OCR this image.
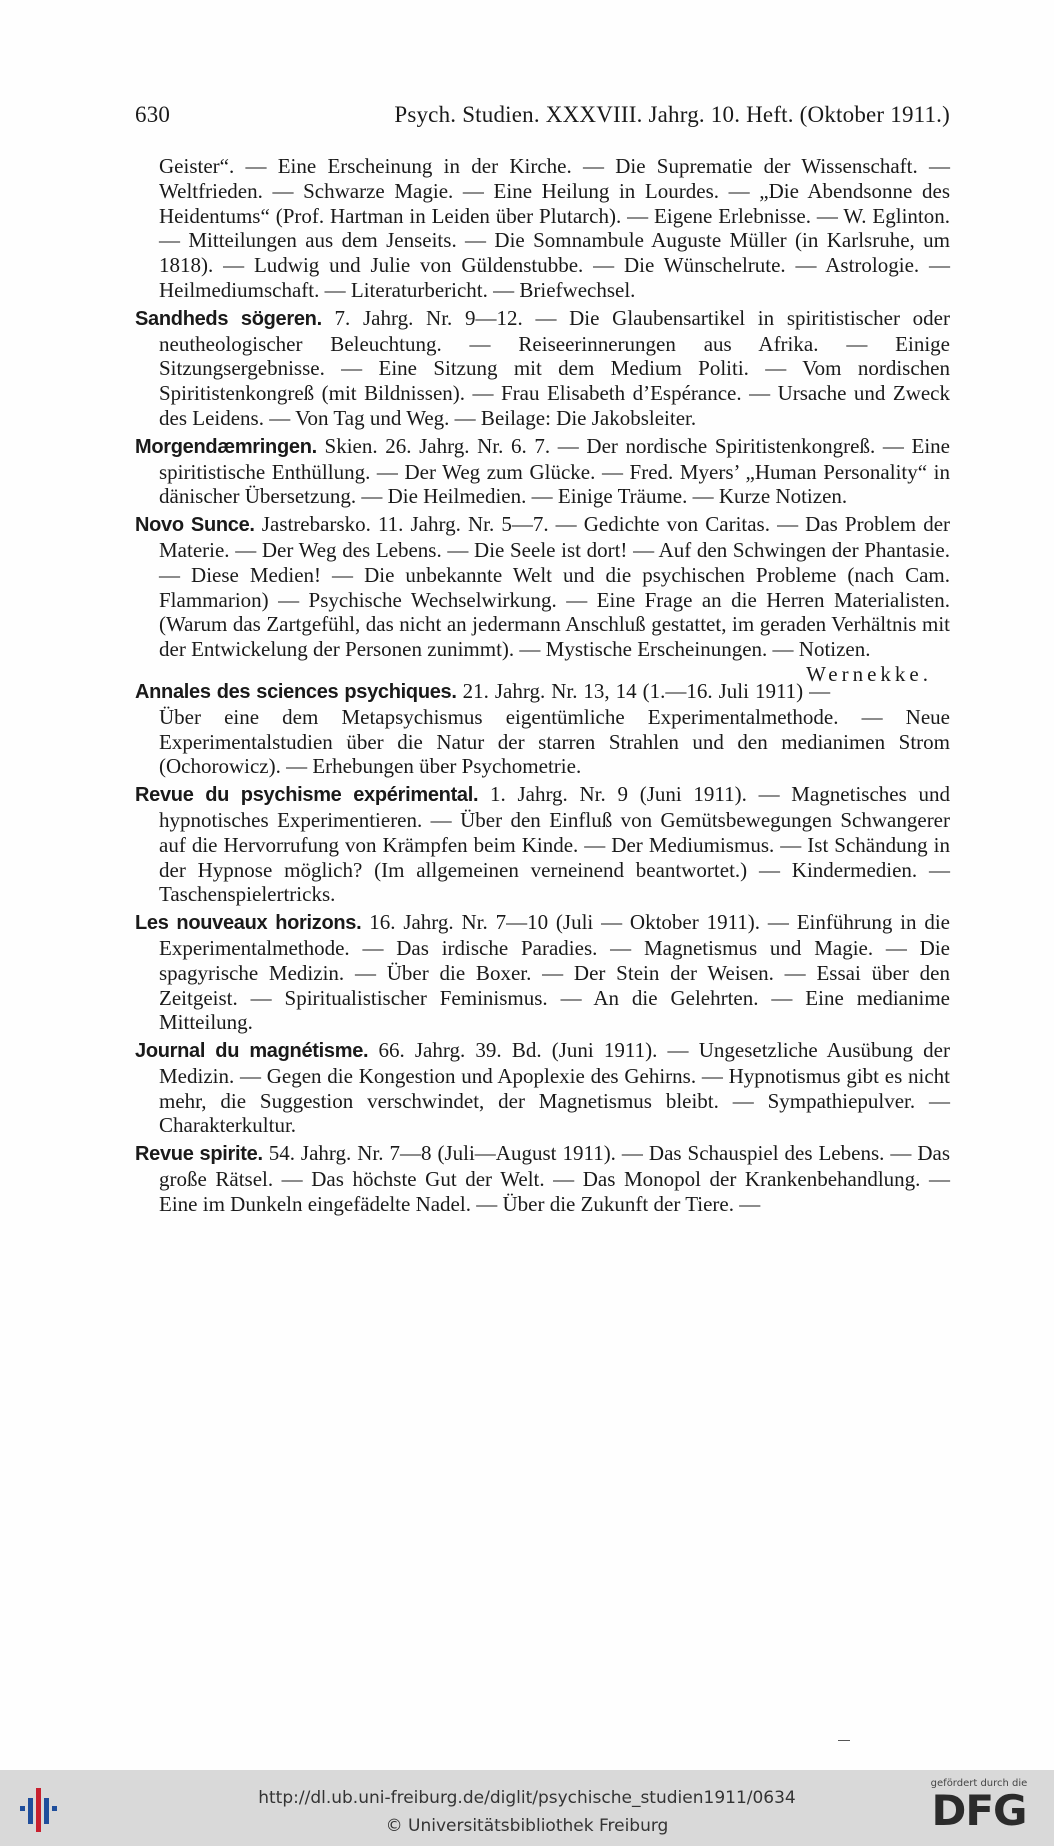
630	Psych. Studien. XXXVIII. Jahrg. 10. Heft. (Oktober 1911.)

Geister“. — Eine Erscheinung in der Kirche. — Die Suprematie der Wissenschaft. — Weltfrieden. — Schwarze Magie. — Eine Heilung in Lourdes. — „Die Abendsonne des Heidentums“ (Prof. Hartman in Leiden über Plutarch). — Eigene Erlebnisse. — W. Eglinton. — Mitteilungen aus dem Jenseits. — Die Somnambule Auguste Müller (in Karlsruhe, um 1818). — Ludwig und Julie von Güldenstubbe. — Die Wünschelrute. — Astrologie. — Heilmediumschaft. — Literaturbericht. — Briefwechsel.

Sandheds sögeren. 7. Jahrg. Nr. 9—12. — Die Glaubensartikel in spiritistischer oder neutheologischer Beleuchtung. — Reiseerinnerungen aus Afrika. — Einige Sitzungsergebnisse. — Eine Sitzung mit dem Medium Politi. — Vom nordischen Spiritistenkongreß (mit Bildnissen). — Frau Elisabeth d’Espérance. — Ursache und Zweck des Leidens. — Von Tag und Weg. — Beilage: Die Jakobsleiter.

Morgendæmringen. Skien. 26. Jahrg. Nr. 6. 7. — Der nordische Spiritistenkongreß. — Eine spiritistische Enthüllung. — Der Weg zum Glücke. — Fred. Myers’ „Human Personality“ in dänischer Übersetzung. — Die Heilmedien. — Einige Träume. — Kurze Notizen.

Novo Sunce. Jastrebarsko. 11. Jahrg. Nr. 5—7. — Gedichte von Caritas. — Das Problem der Materie. — Der Weg des Lebens. — Die Seele ist dort! — Auf den Schwingen der Phantasie. — Diese Medien! — Die unbekannte Welt und die psychischen Probleme (nach Cam. Flammarion) — Psychische Wechselwirkung. — Eine Frage an die Herren Materialisten. (Warum das Zartgefühl, das nicht an jedermann Anschluß gestattet, im geraden Verhältnis mit der Entwickelung der Personen zunimmt). — Mystische Erscheinungen. — Notizen.
Wernekke.

Annales des sciences psychiques. 21. Jahrg. Nr. 13, 14 (1.—16. Juli 1911) — Über eine dem Metapsychismus eigentümliche Experimentalmethode. — Neue Experimentalstudien über die Natur der starren Strahlen und den medianimen Strom (Ochorowicz). — Erhebungen über Psychometrie.

Revue du psychisme expérimental. 1. Jahrg. Nr. 9 (Juni 1911). — Magnetisches und hypnotisches Experimentieren. — Über den Einfluß von Gemütsbewegungen Schwangerer auf die Hervorrufung von Krämpfen beim Kinde. — Der Mediumismus. — Ist Schändung in der Hypnose möglich? (Im allgemeinen verneinend beantwortet.) — Kindermedien. — Taschenspielertricks.

Les nouveaux horizons. 16. Jahrg. Nr. 7—10 (Juli — Oktober 1911). — Einführung in die Experimentalmethode. — Das irdische Paradies. — Magnetismus und Magie. — Die spagyrische Medizin. — Über die Boxer. — Der Stein der Weisen. — Essai über den Zeitgeist. — Spiritualistischer Feminismus. — An die Gelehrten. — Eine medianime Mitteilung.

Journal du magnétisme. 66. Jahrg. 39. Bd. (Juni 1911). — Ungesetzliche Ausübung der Medizin. — Gegen die Kongestion und Apoplexie des Gehirns. — Hypnotismus gibt es nicht mehr, die Suggestion verschwindet, der Magnetismus bleibt. — Sympathiepulver. — Charakterkultur.

Revue spirite. 54. Jahrg. Nr. 7—8 (Juli—August 1911). — Das Schauspiel des Lebens. — Das große Rätsel. — Das höchste Gut der Welt. — Das Monopol der Krankenbehandlung. — Eine im Dunkeln eingefädelte Nadel. — Über die Zukunft der Tiere. —

http://dl.ub.uni-freiburg.de/diglit/psychische_studien1911/0634
© Universitätsbibliothek Freiburg
gefördert durch die
DFG
